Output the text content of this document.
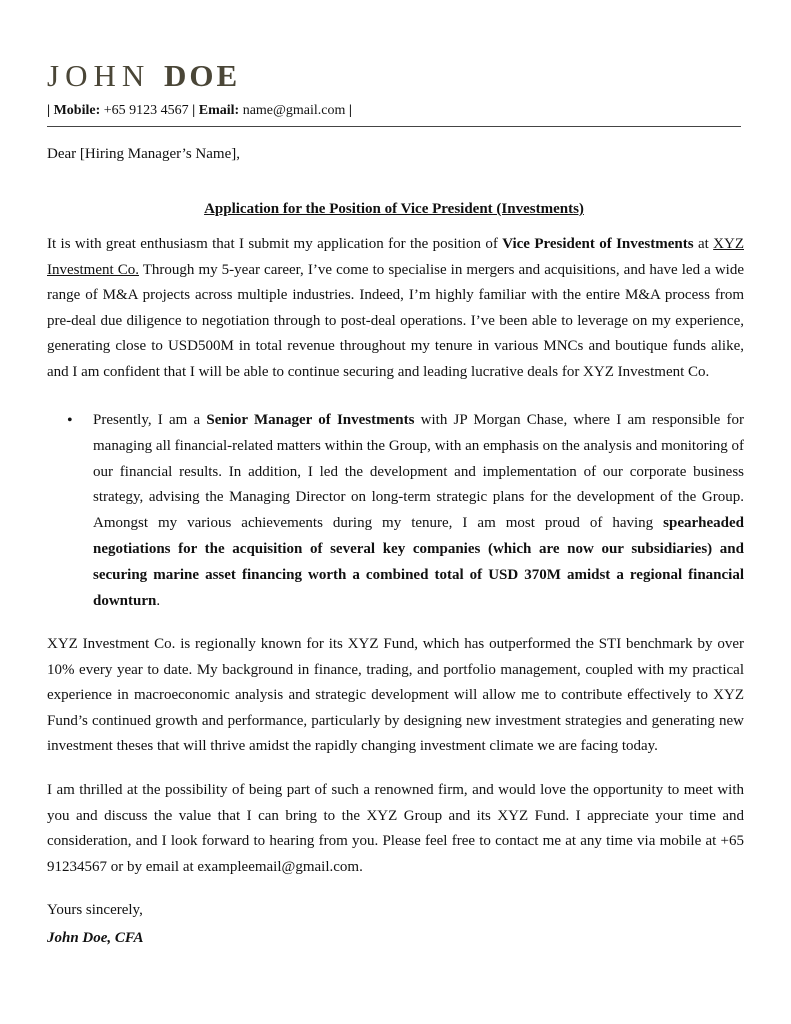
JOHN DOE
| Mobile: +65 9123 4567 | Email: name@gmail.com |
Dear [Hiring Manager’s Name],
Application for the Position of Vice President (Investments)

It is with great enthusiasm that I submit my application for the position of Vice President of Investments at XYZ Investment Co. Through my 5-year career, I’ve come to specialise in mergers and acquisitions, and have led a wide range of M&A projects across multiple industries. Indeed, I’m highly familiar with the entire M&A process from pre-deal due diligence to negotiation through to post-deal operations. I’ve been able to leverage on my experience, generating close to USD500M in total revenue throughout my tenure in various MNCs and boutique funds alike, and I am confident that I will be able to continue securing and leading lucrative deals for XYZ Investment Co.

• Presently, I am a Senior Manager of Investments with JP Morgan Chase, where I am responsible for managing all financial-related matters within the Group, with an emphasis on the analysis and monitoring of our financial results. In addition, I led the development and implementation of our corporate business strategy, advising the Managing Director on long-term strategic plans for the development of the Group. Amongst my various achievements during my tenure, I am most proud of having spearheaded negotiations for the acquisition of several key companies (which are now our subsidiaries) and securing marine asset financing worth a combined total of USD 370M amidst a regional financial downturn.

XYZ Investment Co. is regionally known for its XYZ Fund, which has outperformed the STI benchmark by over 10% every year to date. My background in finance, trading, and portfolio management, coupled with my practical experience in macroeconomic analysis and strategic development will allow me to contribute effectively to XYZ Fund’s continued growth and performance, particularly by designing new investment strategies and generating new investment theses that will thrive amidst the rapidly changing investment climate we are facing today.

I am thrilled at the possibility of being part of such a renowned firm, and would love the opportunity to meet with you and discuss the value that I can bring to the XYZ Group and its XYZ Fund. I appreciate your time and consideration, and I look forward to hearing from you. Please feel free to contact me at any time via mobile at +65 91234567 or by email at exampleemail@gmail.com.

Yours sincerely,
John Doe, CFA
